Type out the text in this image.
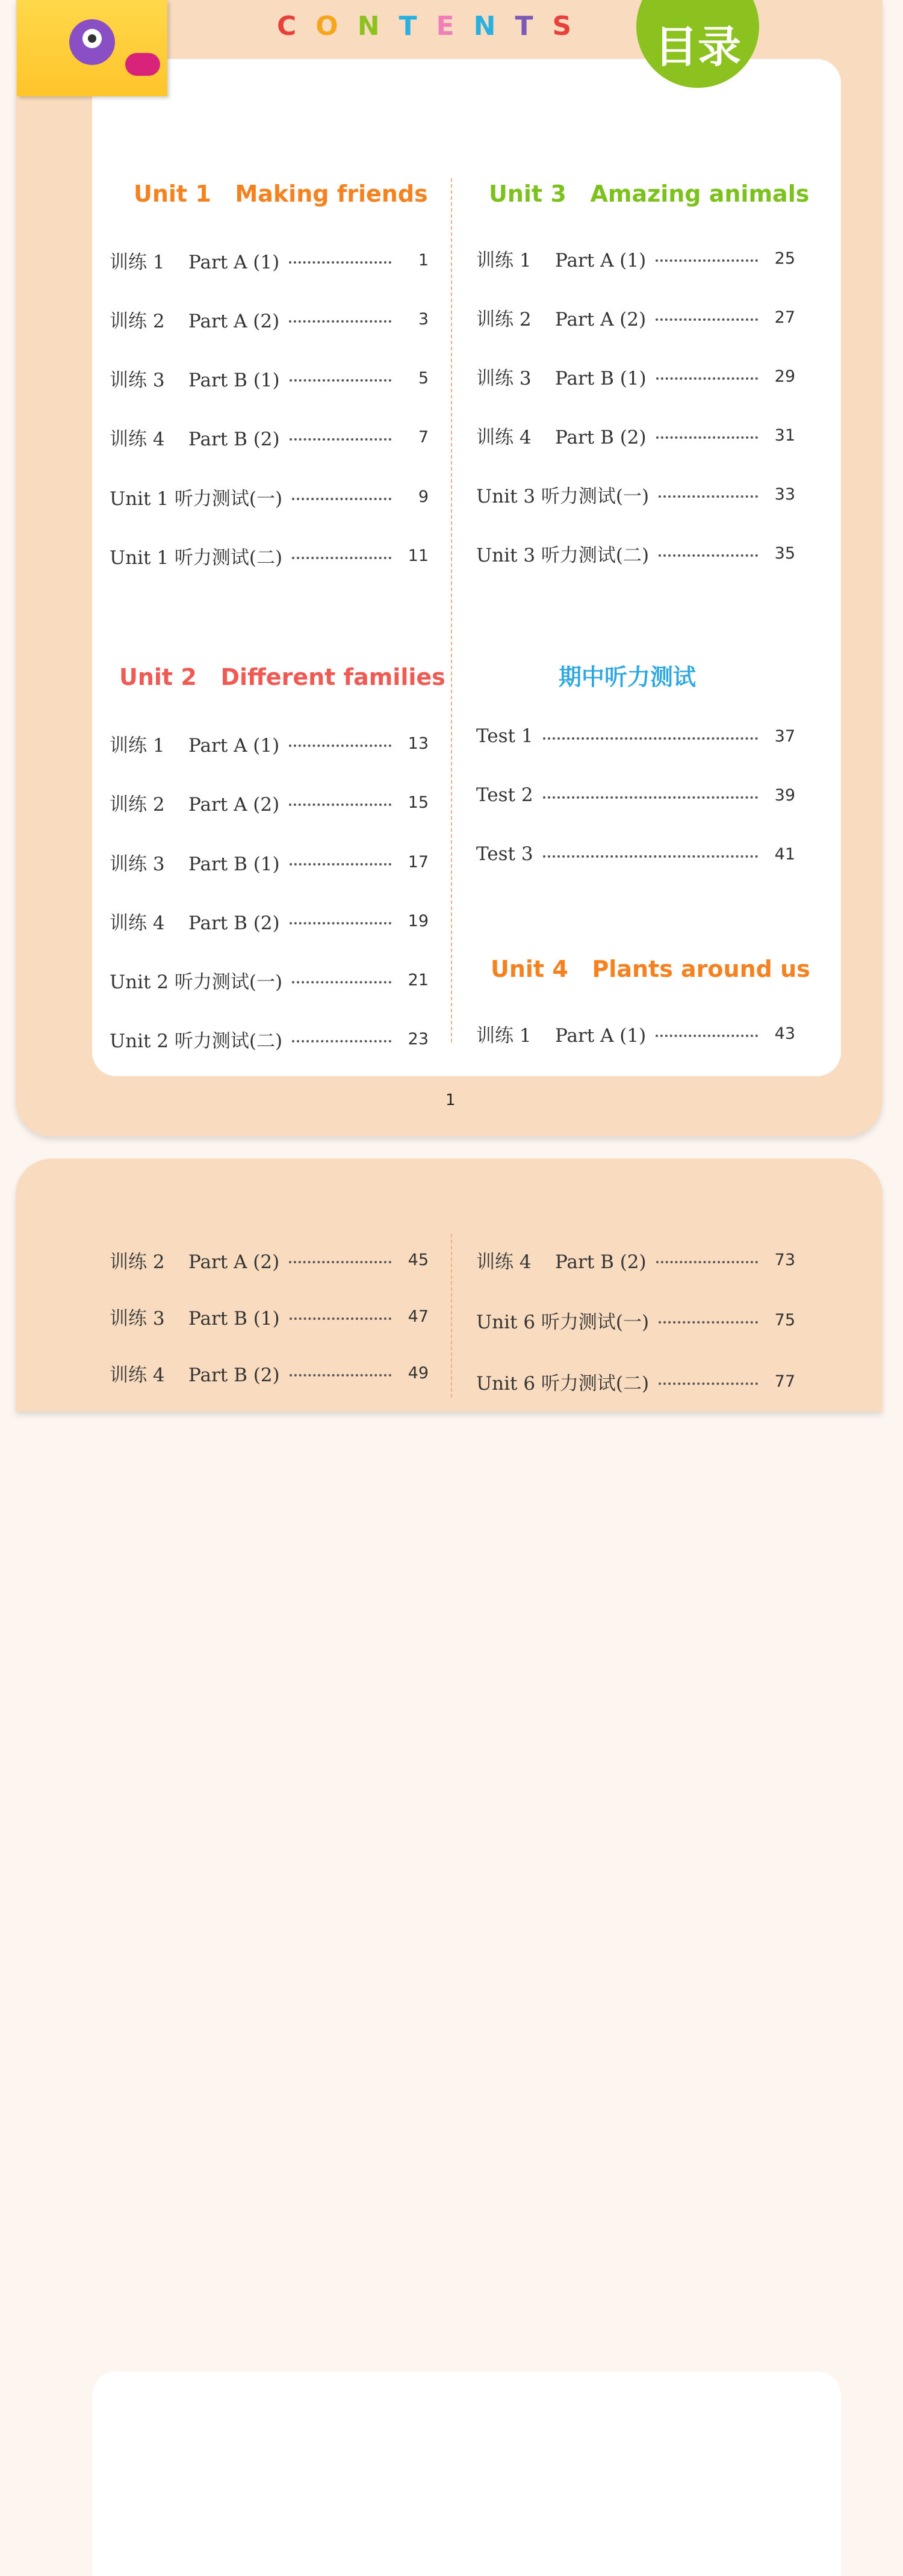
CONTENTS 目录
1
Unit 1   Making friends
训练 1    Part A (1)	1
训练 2    Part A (2)	3
训练 3    Part B (1)	5
训练 4    Part B (2)	7
Unit 1 听力测试(一)	9
Unit 1 听力测试(二)	11
Unit 2   Different families
训练 1    Part A (1)	13
训练 2    Part A (2)	15
训练 3    Part B (1)	17
训练 4    Part B (2)	19
Unit 2 听力测试(一)	21
Unit 2 听力测试(二)	23
Unit 3   Amazing animals
训练 1    Part A (1)	25
训练 2    Part A (2)	27
训练 3    Part B (1)	29
训练 4    Part B (2)	31
Unit 3 听力测试(一)	33
Unit 3 听力测试(二)	35
期中听力测试
Test 1	37
Test 2	39
Test 3	41
Unit 4   Plants around us
训练 1    Part A (1)	43
训练 2    Part A (2)	45
训练 3    Part B (1)	47
训练 4    Part B (2)	49
训练 4    Part B (2)	73
Unit 6 听力测试(一)	75
Unit 6 听力测试(二)	77
